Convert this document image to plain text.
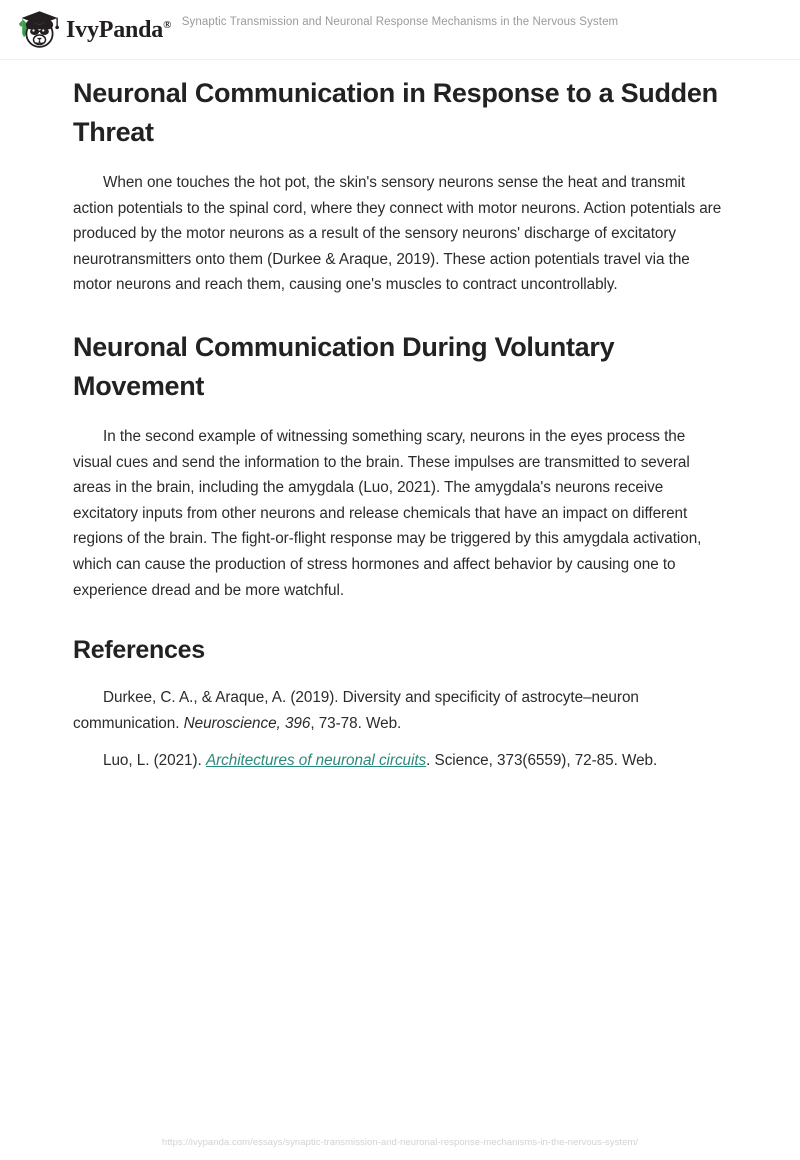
IvyPanda® Synaptic Transmission and Neuronal Response Mechanisms in the Nervous System
Neuronal Communication in Response to a Sudden Threat

When one touches the hot pot, the skin's sensory neurons sense the heat and transmit action potentials to the spinal cord, where they connect with motor neurons. Action potentials are produced by the motor neurons as a result of the sensory neurons' discharge of excitatory neurotransmitters onto them (Durkee & Araque, 2019). These action potentials travel via the motor neurons and reach them, causing one's muscles to contract uncontrollably.

Neuronal Communication During Voluntary Movement

In the second example of witnessing something scary, neurons in the eyes process the visual cues and send the information to the brain. These impulses are transmitted to several areas in the brain, including the amygdala (Luo, 2021). The amygdala's neurons receive excitatory inputs from other neurons and release chemicals that have an impact on different regions of the brain. The fight-or-flight response may be triggered by this amygdala activation, which can cause the production of stress hormones and affect behavior by causing one to experience dread and be more watchful.

References

Durkee, C. A., & Araque, A. (2019). Diversity and specificity of astrocyte–neuron communication. Neuroscience, 396, 73-78. Web.

Luo, L. (2021). Architectures of neuronal circuits. Science, 373(6559), 72-85. Web.

https://ivypanda.com/essays/synaptic-transmission-and-neuronal-response-mechanisms-in-the-nervous-system/
